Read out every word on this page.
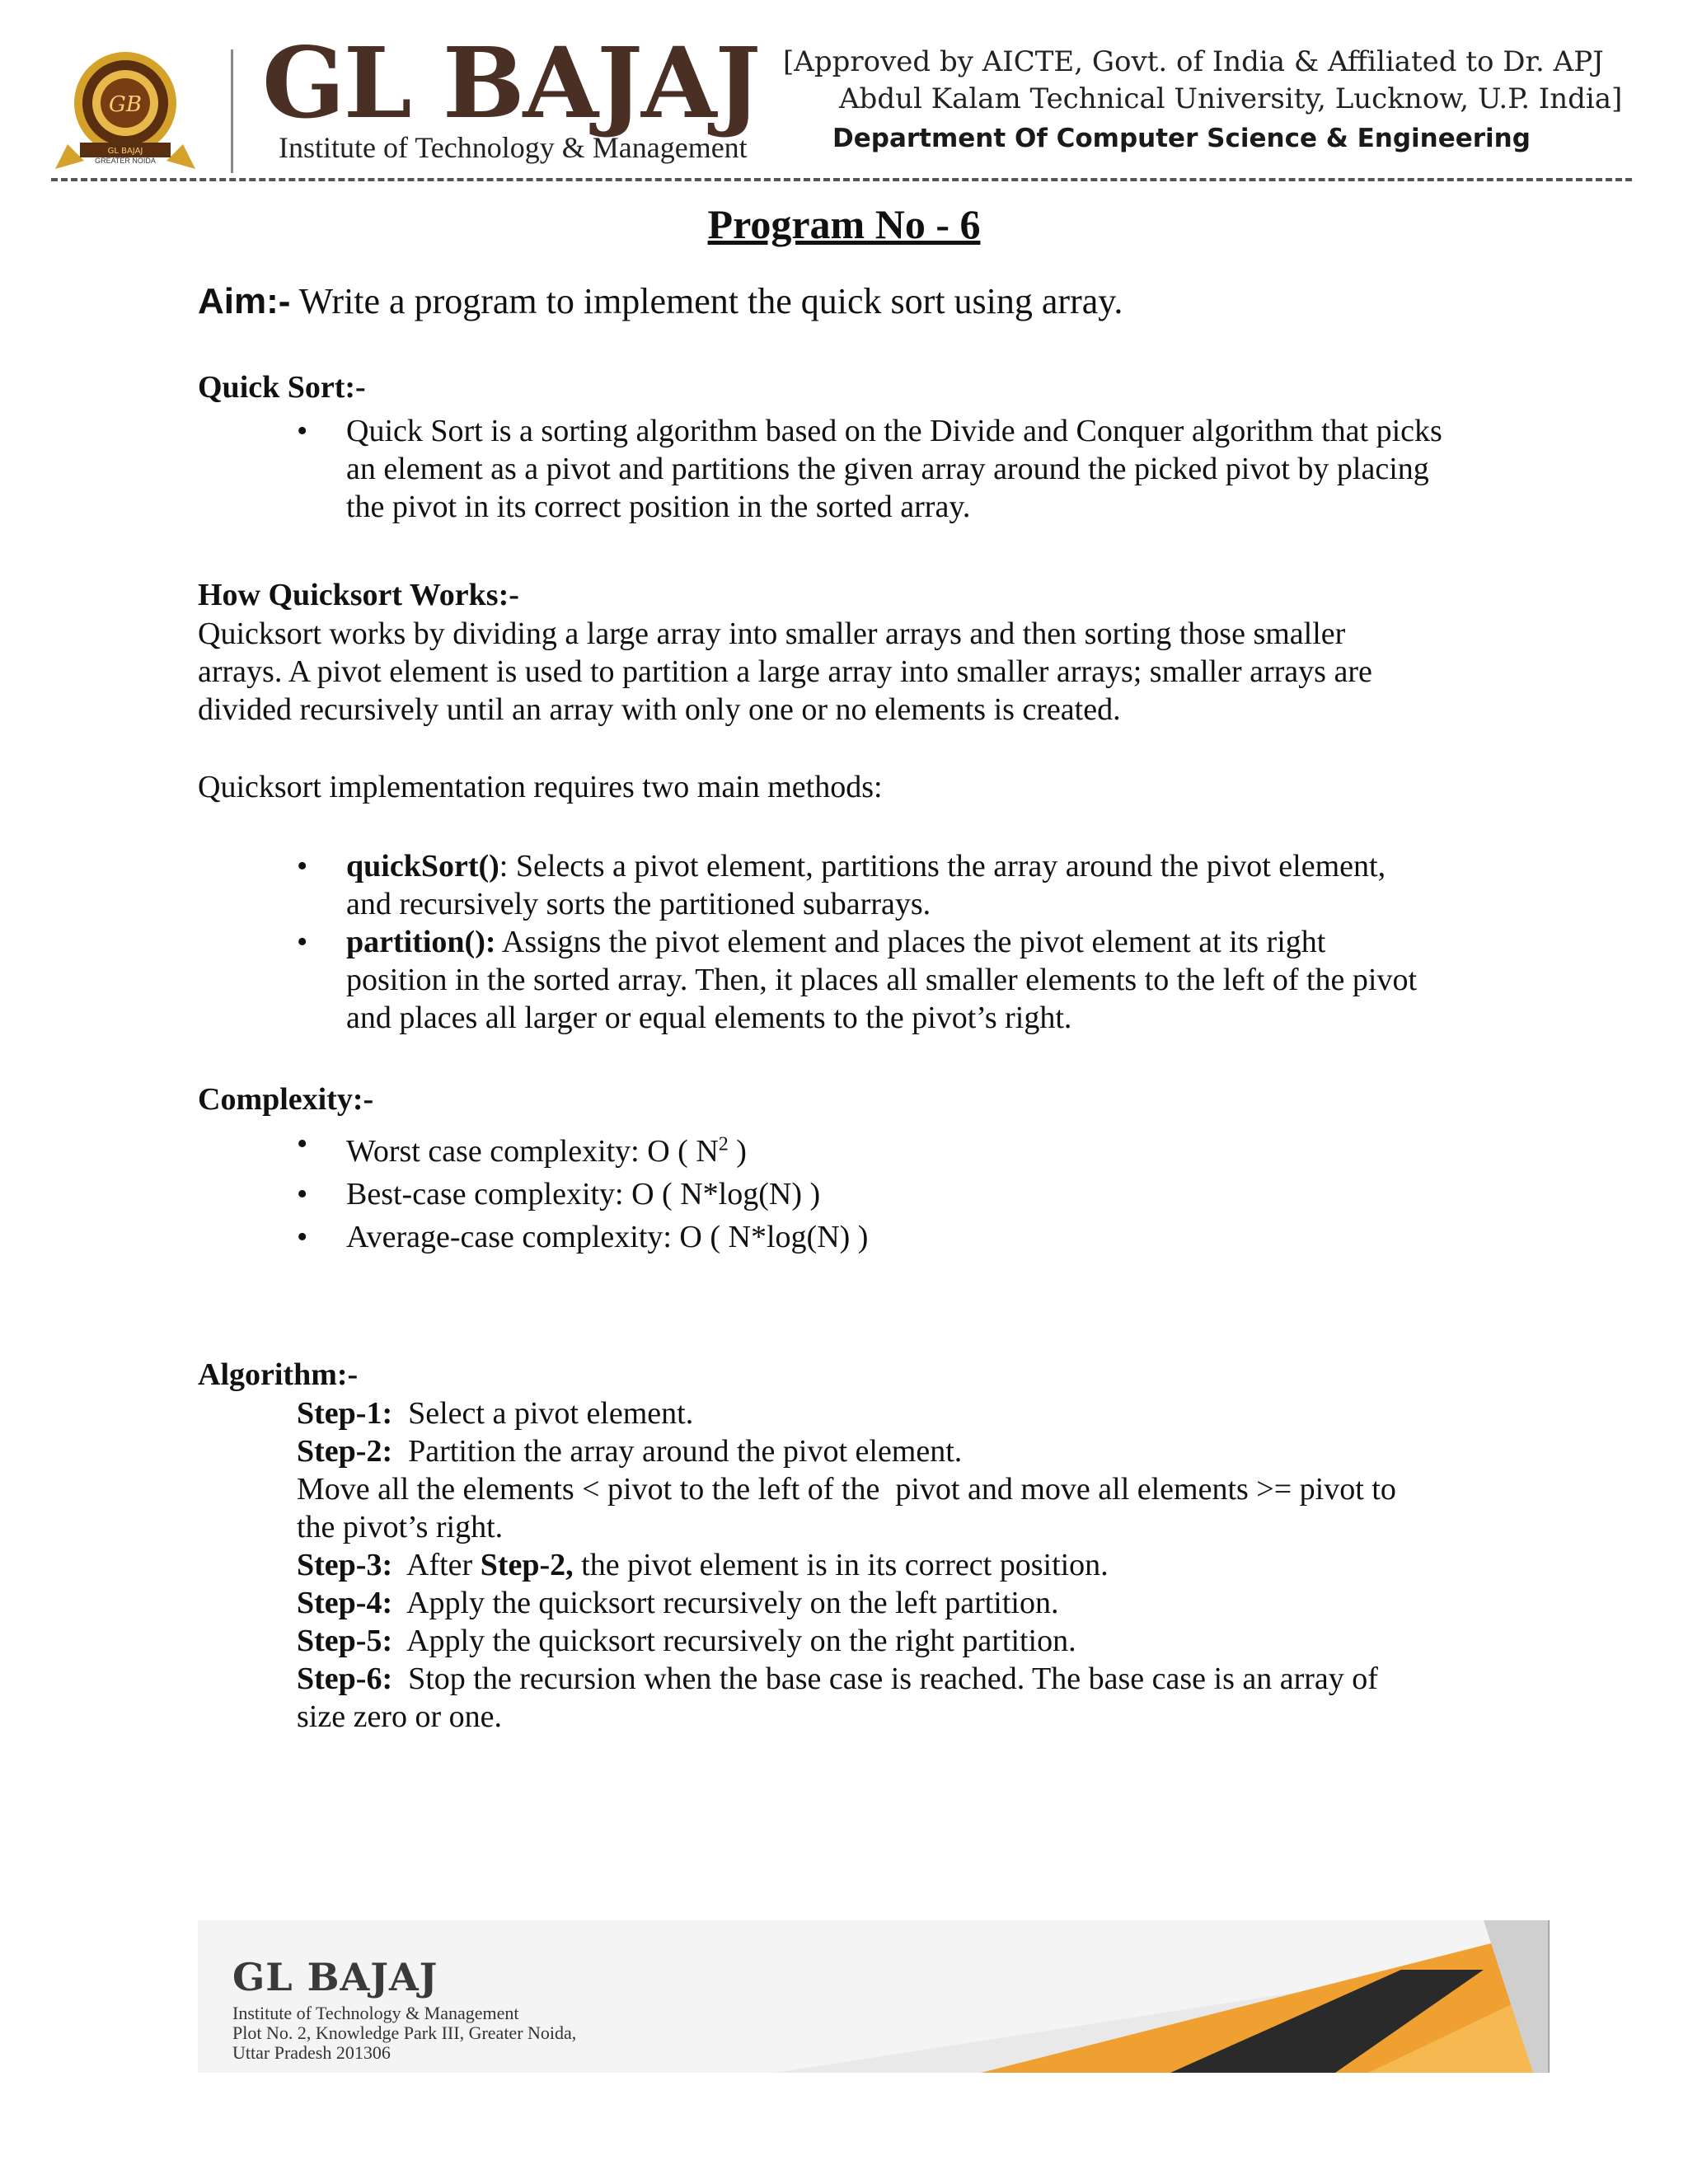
GB
GL BAJAJ
GREATER NOIDA
GL BAJAJ
Institute of Technology & Management
[Approved by AICTE, Govt. of India & Affiliated to Dr. APJ
Abdul Kalam Technical University, Lucknow, U.P. India]
Department Of Computer Science & Engineering
Program No - 6
Aim:- Write a program to implement the quick sort using array.
Quick Sort:-
• Quick Sort is a sorting algorithm based on the Divide and Conquer algorithm that picks
an element as a pivot and partitions the given array around the picked pivot by placing
the pivot in its correct position in the sorted array.
How Quicksort Works:-
Quicksort works by dividing a large array into smaller arrays and then sorting those smaller
arrays. A pivot element is used to partition a large array into smaller arrays; smaller arrays are
divided recursively until an array with only one or no elements is created.
Quicksort implementation requires two main methods:
• quickSort(): Selects a pivot element, partitions the array around the pivot element,
and recursively sorts the partitioned subarrays.
• partition(): Assigns the pivot element and places the pivot element at its right
position in the sorted array. Then, it places all smaller elements to the left of the pivot
and places all larger or equal elements to the pivot’s right.
Complexity:-
• Worst case complexity: O ( $N^2$ )
• Best-case complexity: O ( N*log(N) )
• Average-case complexity: O ( N*log(N) )
Algorithm:-
Step-1:  Select a pivot element.
Step-2:  Partition the array around the pivot element.
Move all the elements < pivot to the left of the  pivot and move all elements >= pivot to
the pivot’s right.
Step-3:  After Step-2, the pivot element is in its correct position.
Step-4:  Apply the quicksort recursively on the left partition.
Step-5:  Apply the quicksort recursively on the right partition.
Step-6:  Stop the recursion when the base case is reached. The base case is an array of
size zero or one.
GL BAJAJ
Institute of Technology & Management
Plot No. 2, Knowledge Park III, Greater Noida,
Uttar Pradesh 201306
